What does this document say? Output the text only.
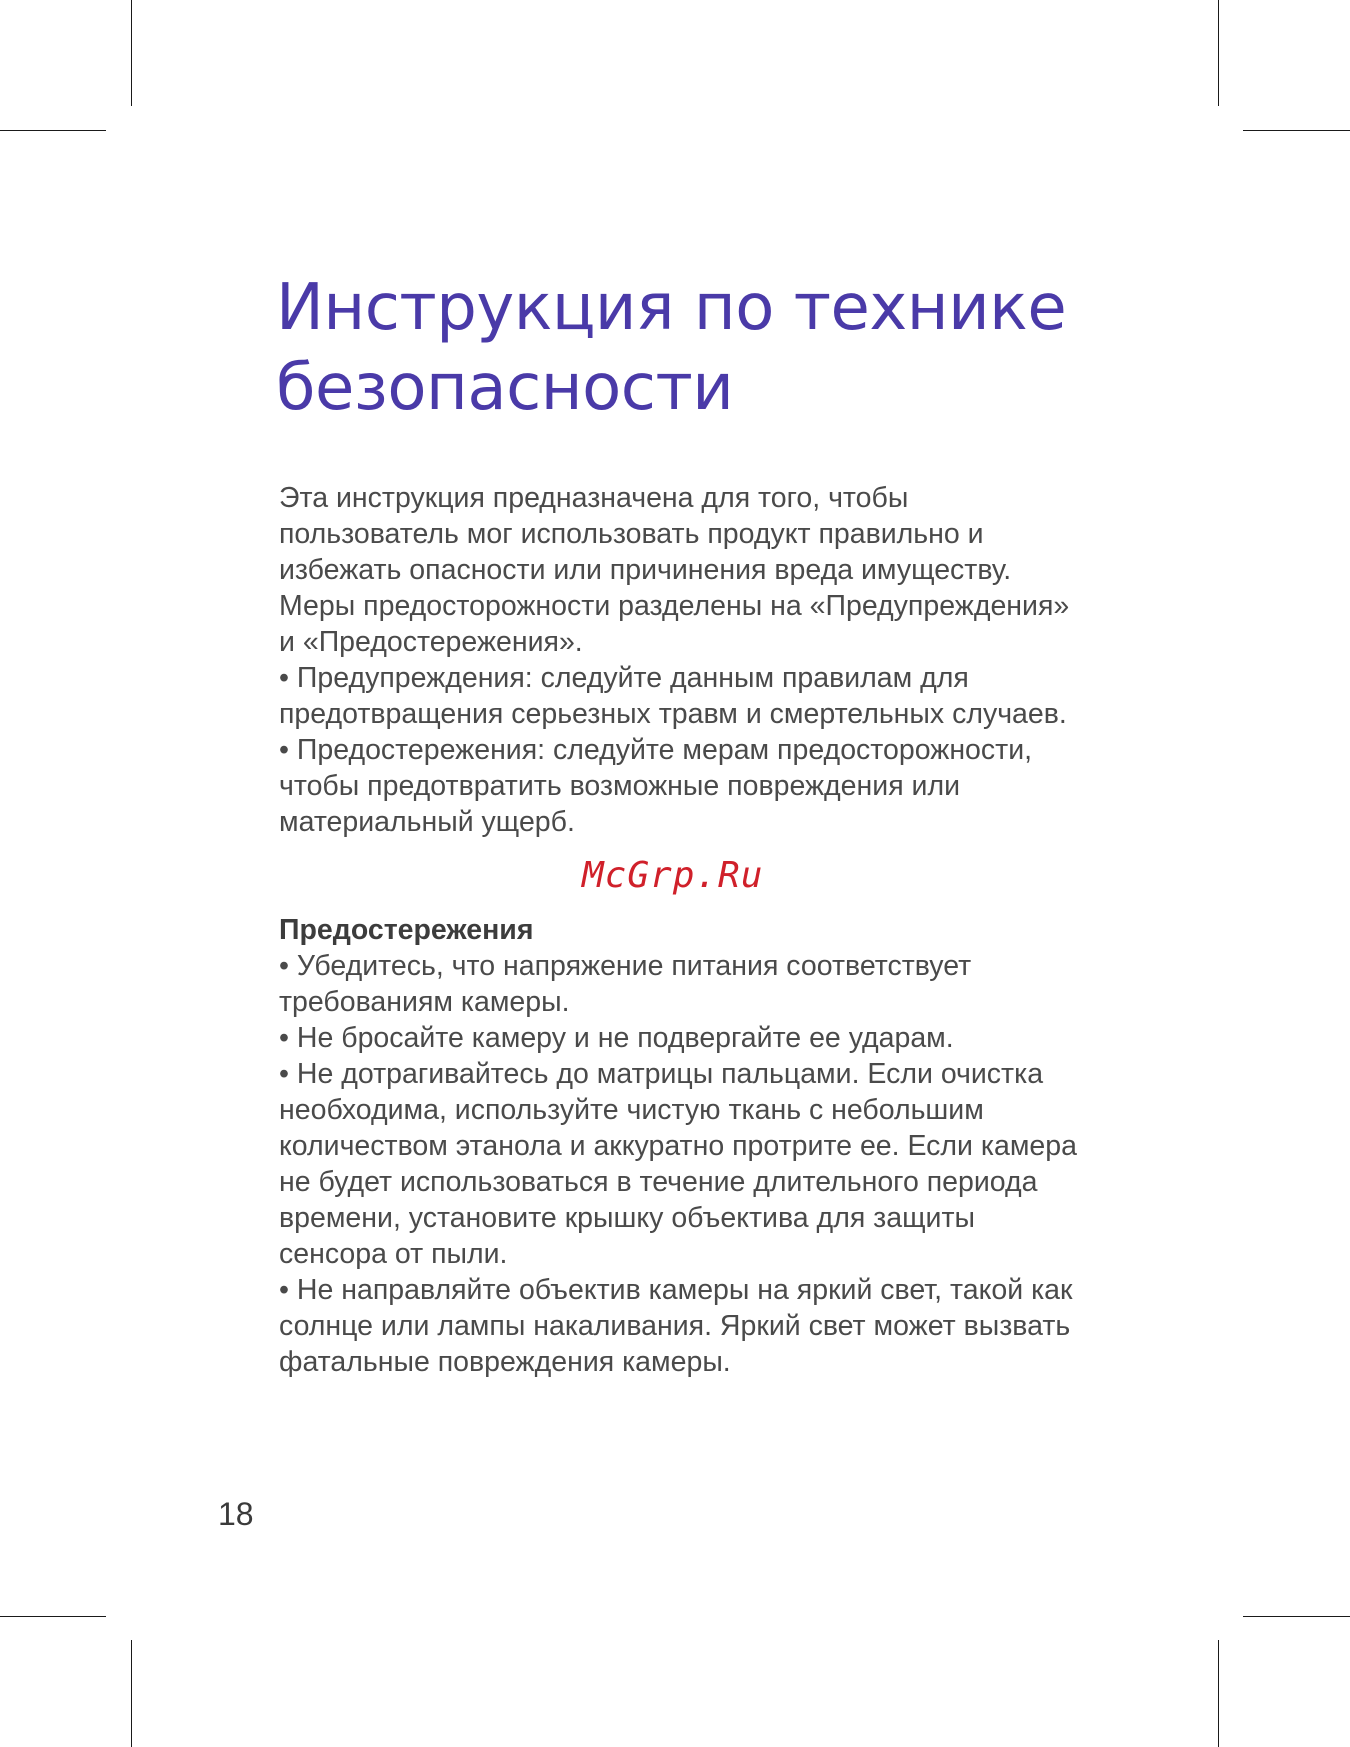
Инструкция по технике
безопасности

Эта инструкция предназначена для того, чтобы пользователь мог использовать продукт правильно и избежать опасности или причинения вреда имуществу. Меры предосторожности разделены на «Предупреждения» и «Предостережения».

• Предупреждения: следуйте данным правилам для предотвращения серьезных травм и смертельных случаев.

• Предостережения: следуйте мерам предосторожности, чтобы предотвратить возможные повреждения или материальный ущерб.

McGrp.Ru

Предостережения

• Убедитесь, что напряжение питания соответствует требованиям камеры.

• Не бросайте камеру и не подвергайте ее ударам.

• Не дотрагивайтесь до матрицы пальцами. Если очистка необходима, используйте чистую ткань с небольшим количеством этанола и аккуратно протрите ее. Если камера не будет использоваться в течение длительного периода времени, установите крышку объектива для защиты сенсора от пыли.

• Не направляйте объектив камеры на яркий свет, такой как солнце или лампы накаливания. Яркий свет может вызвать фатальные повреждения камеры.

18
